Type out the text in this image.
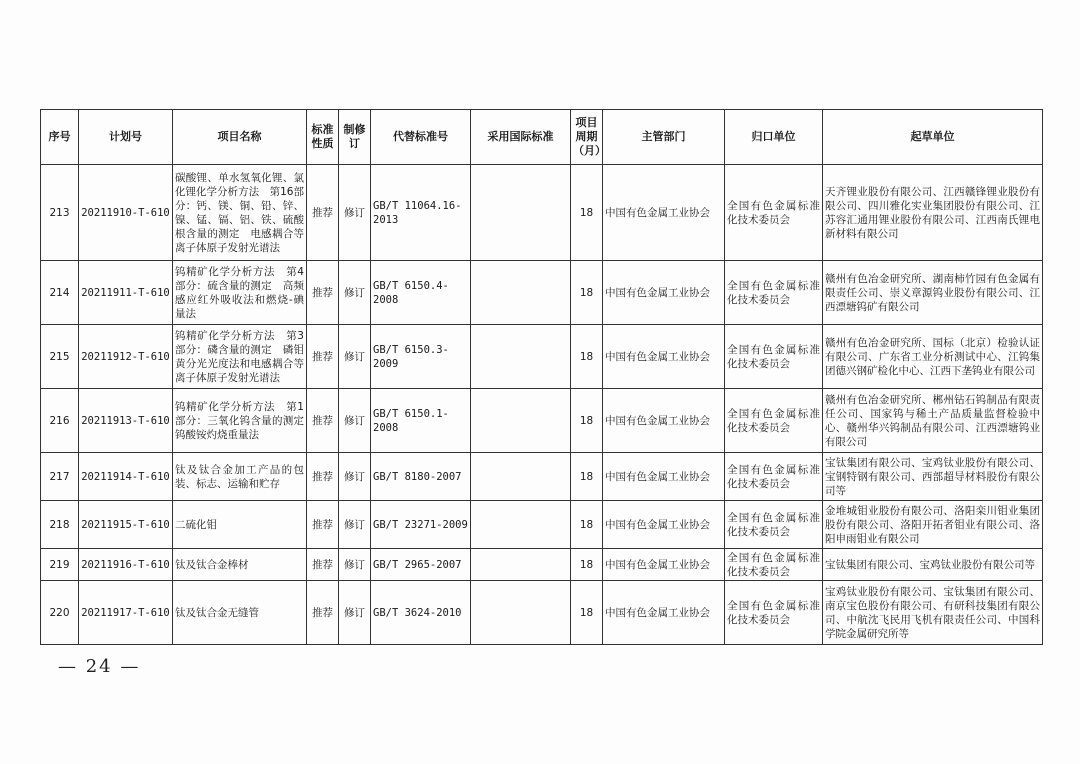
序号	计划号	项目名称	标准性质	制修订	代替标准号	采用国际标准	项目周期（月）	主管部门	归口单位	起草单位
213	20211910-T-610	碳酸锂、单水氢氧化锂、氯化锂化学分析方法　第16部分：钙、镁、铜、铅、锌、镍、锰、镉、铝、铁、硫酸根含量的测定　电感耦合等离子体原子发射光谱法	推荐	修订	GB/T 11064.16-2013		18	中国有色金属工业协会	全国有色金属标准化技术委员会	天齐锂业股份有限公司、江西赣锋锂业股份有限公司、四川雅化实业集团股份有限公司、江苏容汇通用锂业股份有限公司、江西南氏锂电新材料有限公司
214	20211911-T-610	钨精矿化学分析方法　第4部分：硫含量的测定　高频感应红外吸收法和燃烧-碘量法	推荐	修订	GB/T 6150.4-2008		18	中国有色金属工业协会	全国有色金属标准化技术委员会	赣州有色冶金研究所、湖南柿竹园有色金属有限责任公司、崇义章源钨业股份有限公司、江西漂塘钨矿有限公司
215	20211912-T-610	钨精矿化学分析方法　第3部分：磷含量的测定　磷钼黄分光光度法和电感耦合等离子体原子发射光谱法	推荐	修订	GB/T 6150.3-2009		18	中国有色金属工业协会	全国有色金属标准化技术委员会	赣州有色冶金研究所、国标（北京）检验认证有限公司、广东省工业分析测试中心、江钨集团德兴钢矿检化中心、江西下垄钨业有限公司
216	20211913-T-610	钨精矿化学分析方法　第1部分：三氧化钨含量的测定　钨酸铵灼烧重量法	推荐	修订	GB/T 6150.1-2008		18	中国有色金属工业协会	全国有色金属标准化技术委员会	赣州有色冶金研究所、郴州钻石钨制品有限责任公司、国家钨与稀土产品质量监督检验中心、赣州华兴钨制品有限公司、江西漂塘钨业有限公司
217	20211914-T-610	钛及钛合金加工产品的包装、标志、运输和贮存	推荐	修订	GB/T 8180-2007		18	中国有色金属工业协会	全国有色金属标准化技术委员会	宝钛集团有限公司、宝鸡钛业股份有限公司、宝钢特钢有限公司、西部超导材料股份有限公司等
218	20211915-T-610	二硫化钼	推荐	修订	GB/T 23271-2009		18	中国有色金属工业协会	全国有色金属标准化技术委员会	金堆城钼业股份有限公司、洛阳栾川钼业集团股份有限公司、洛阳开拓者钼业有限公司、洛阳申雨钼业有限公司
219	20211916-T-610	钛及钛合金棒材	推荐	修订	GB/T 2965-2007		18	中国有色金属工业协会	全国有色金属标准化技术委员会	宝钛集团有限公司、宝鸡钛业股份有限公司等
220	20211917-T-610	钛及钛合金无缝管	推荐	修订	GB/T 3624-2010		18	中国有色金属工业协会	全国有色金属标准化技术委员会	宝鸡钛业股份有限公司、宝钛集团有限公司、南京宝色股份有限公司、有研科技集团有限公司、中航沈飞民用飞机有限责任公司、中国科学院金属研究所等
— 24 —
